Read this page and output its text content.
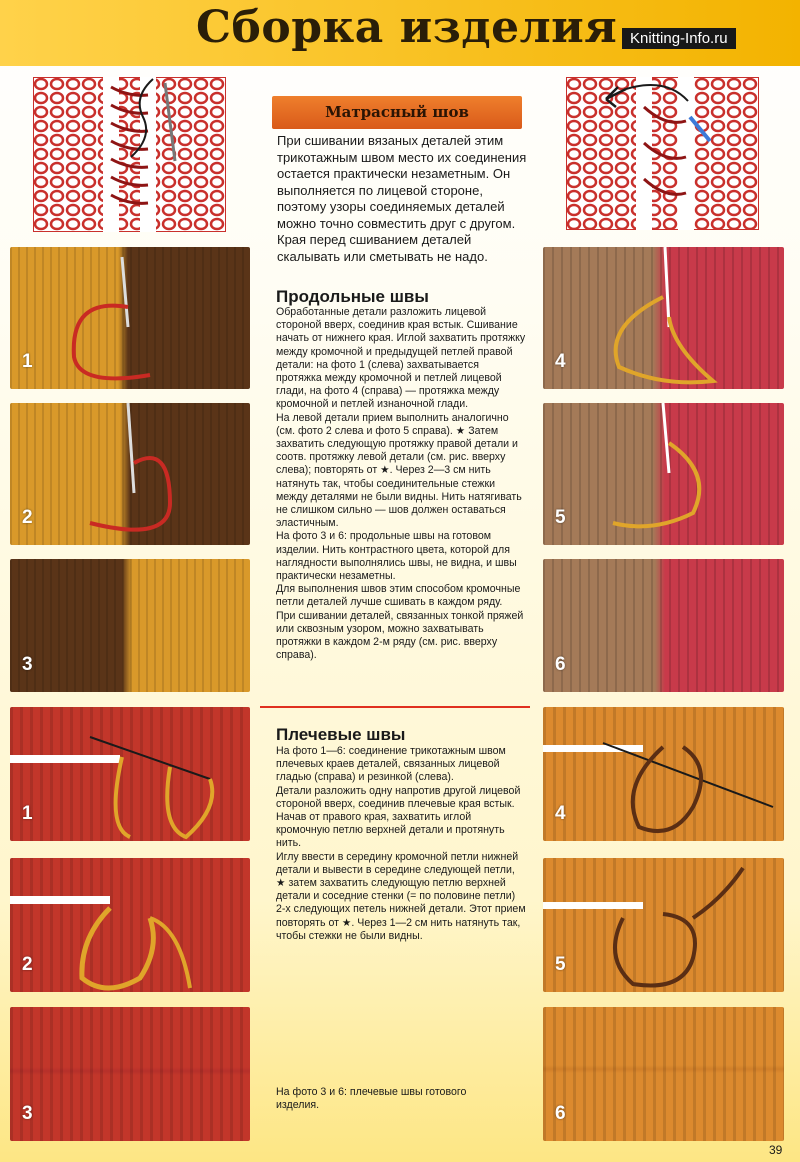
Сборка изделия Knitting-Info.ru
Матрасный шов

При сшивании вязаных деталей этим трикотажным швом место их соединения остается практически незаметным. Он выполняется по лицевой стороне, поэтому узоры соединяемых деталей можно точно совместить друг с другом. Края перед сшиванием деталей скалывать или сметывать не надо.

Продольные швы

Обработанные детали разложить лицевой стороной вверх, соединив края встык. Сшивание начать от нижнего края. Иглой захватить протяжку между кромочной и предыдущей петлей правой детали: на фото 1 (слева) захватывается протяжка между кромочной и петлей лицевой глади, на фото 4 (справа) — протяжка между кромочной и петлей изнаночной глади.

На левой детали прием выполнить аналогично (см. фото 2 слева и фото 5 справа). ★ Затем захватить следующую протяжку правой детали и соотв. протяжку левой детали (см. рис. вверху слева); повторять от ★. Через 2—3 см нить натянуть так, чтобы соединительные стежки между деталями не были видны. Нить натягивать не слишком сильно — шов должен оставаться эластичным.

На фото 3 и 6: продольные швы на готовом изделии. Нить контрастного цвета, которой для наглядности выполнялись швы, не видна, и швы практически незаметны.

Для выполнения швов этим способом кромочные петли деталей лучше сшивать в каждом ряду.

При сшивании деталей, связанных тонкой пряжей или сквозным узором, можно захватывать протяжки в каждом 2-м ряду (см. рис. вверху справа).

Плечевые швы

На фото 1—6: соединение трикотажным швом плечевых краев деталей, связанных лицевой гладью (справа) и резинкой (слева).

Детали разложить одну напротив другой лицевой стороной вверх, соединив плечевые края встык. Начав от правого края, захватить иглой кромочную петлю верхней детали и протянуть нить.

Иглу ввести в середину кромочной петли нижней детали и вывести в середине следующей петли, ★ затем захватить следующую петлю верхней детали и соседние стенки (= по половине петли) 2-х следующих петель нижней детали. Этот прием повторять от ★. Через 1—2 см нить натянуть так, чтобы стежки не были видны.

На фото 3 и 6: плечевые швы готового изделия.

1
2
3
4
5
6
1
2
3
4
5
6
39
